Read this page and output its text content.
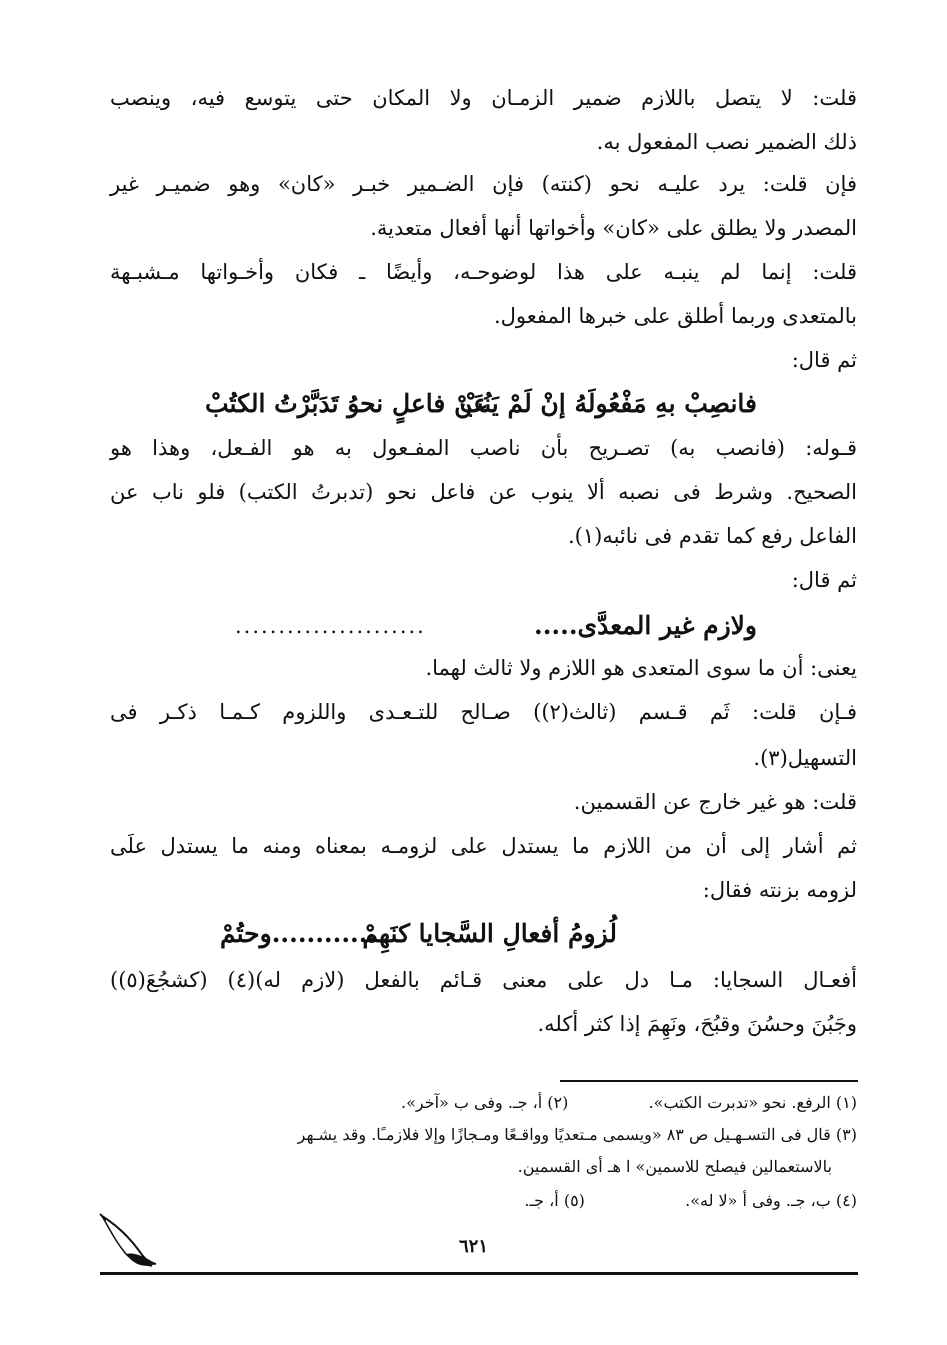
قلت: لا يتصل باللازم ضمير الزمـان ولا المكان حتى يتوسع فيه، وينصب
ذلك الضمير نصب المفعول به.
فإن قلت: يرد عليـه نحو (كنته) فإن الضـمير خبـر «كان» وهو ضميـر غير
المصدر ولا يطلق على «كان» وأخواتها أنها أفعال متعدية.
قلت: إنما لم ينبـه على هذا لوضوحـه، وأيضًا ـ فكان وأخـواتها مـشبـهة
بالمتعدى وربما أطلق على خبرها المفعول.
ثم قال:
فانصِبْ بهِ مَفْعُولَهُ إنْ لَمْ يَنُبْ
عَنْ فاعلٍ نحوُ تَدَبَّرْتُ الكتُبْ
قـوله: (فانصب به) تصـريح بأن ناصب المفـعول به هو الفـعل، وهذا هو
الصحيح. وشرط فى نصبه ألا ينوب عن فاعل نحو (تدبرتُ الكتب) فلو ناب عن
الفاعل رفع كما تقدم فى نائبه(١).
ثم قال:
ولازم غير المعدَّى.....
......................
يعنى: أن ما سوى المتعدى هو اللازم ولا ثالث لهما.
فـإن قلت: ثَم قـسم (ثالث(٢)) صـالح للتـعـدى واللزوم كـمـا ذكـر فى
التسهيل(٣).
قلت: هو غير خارج عن القسمين.
ثم أشار إلى أن من اللازم ما يستدل على لزومـه بمعناه ومنه ما يستدل علَى
لزومه بزنته فقال:
لُزومُ أفعالِ السَّجايا كنَهِمْ
............وحتُمْ
أفعـال السجايا: مـا دل على معنى قـائم بالفعل (لازم له)(٤) (كشجُعَ(٥))
وجَبُنَ وحسُنَ وقبُحَ، ونَهِمَ إذا كثر أكله.
(١) الرفع. نحو «تدبرت الكتب».  (٢) أ، جـ. وفى ب «آخر».
(٣) قال فى التسـهـيل ص ٨٣ «ويسمى مـتعديًا وواقـعًا ومـجازًا وإلا فلازمـًا. وقد يشـهر
بالاستعمالين فيصلح للاسمين» ا هـ أى القسمين.
(٤) ب، جـ. وفى أ «لا له».  (٥) أ، جـ.
٦٢١
